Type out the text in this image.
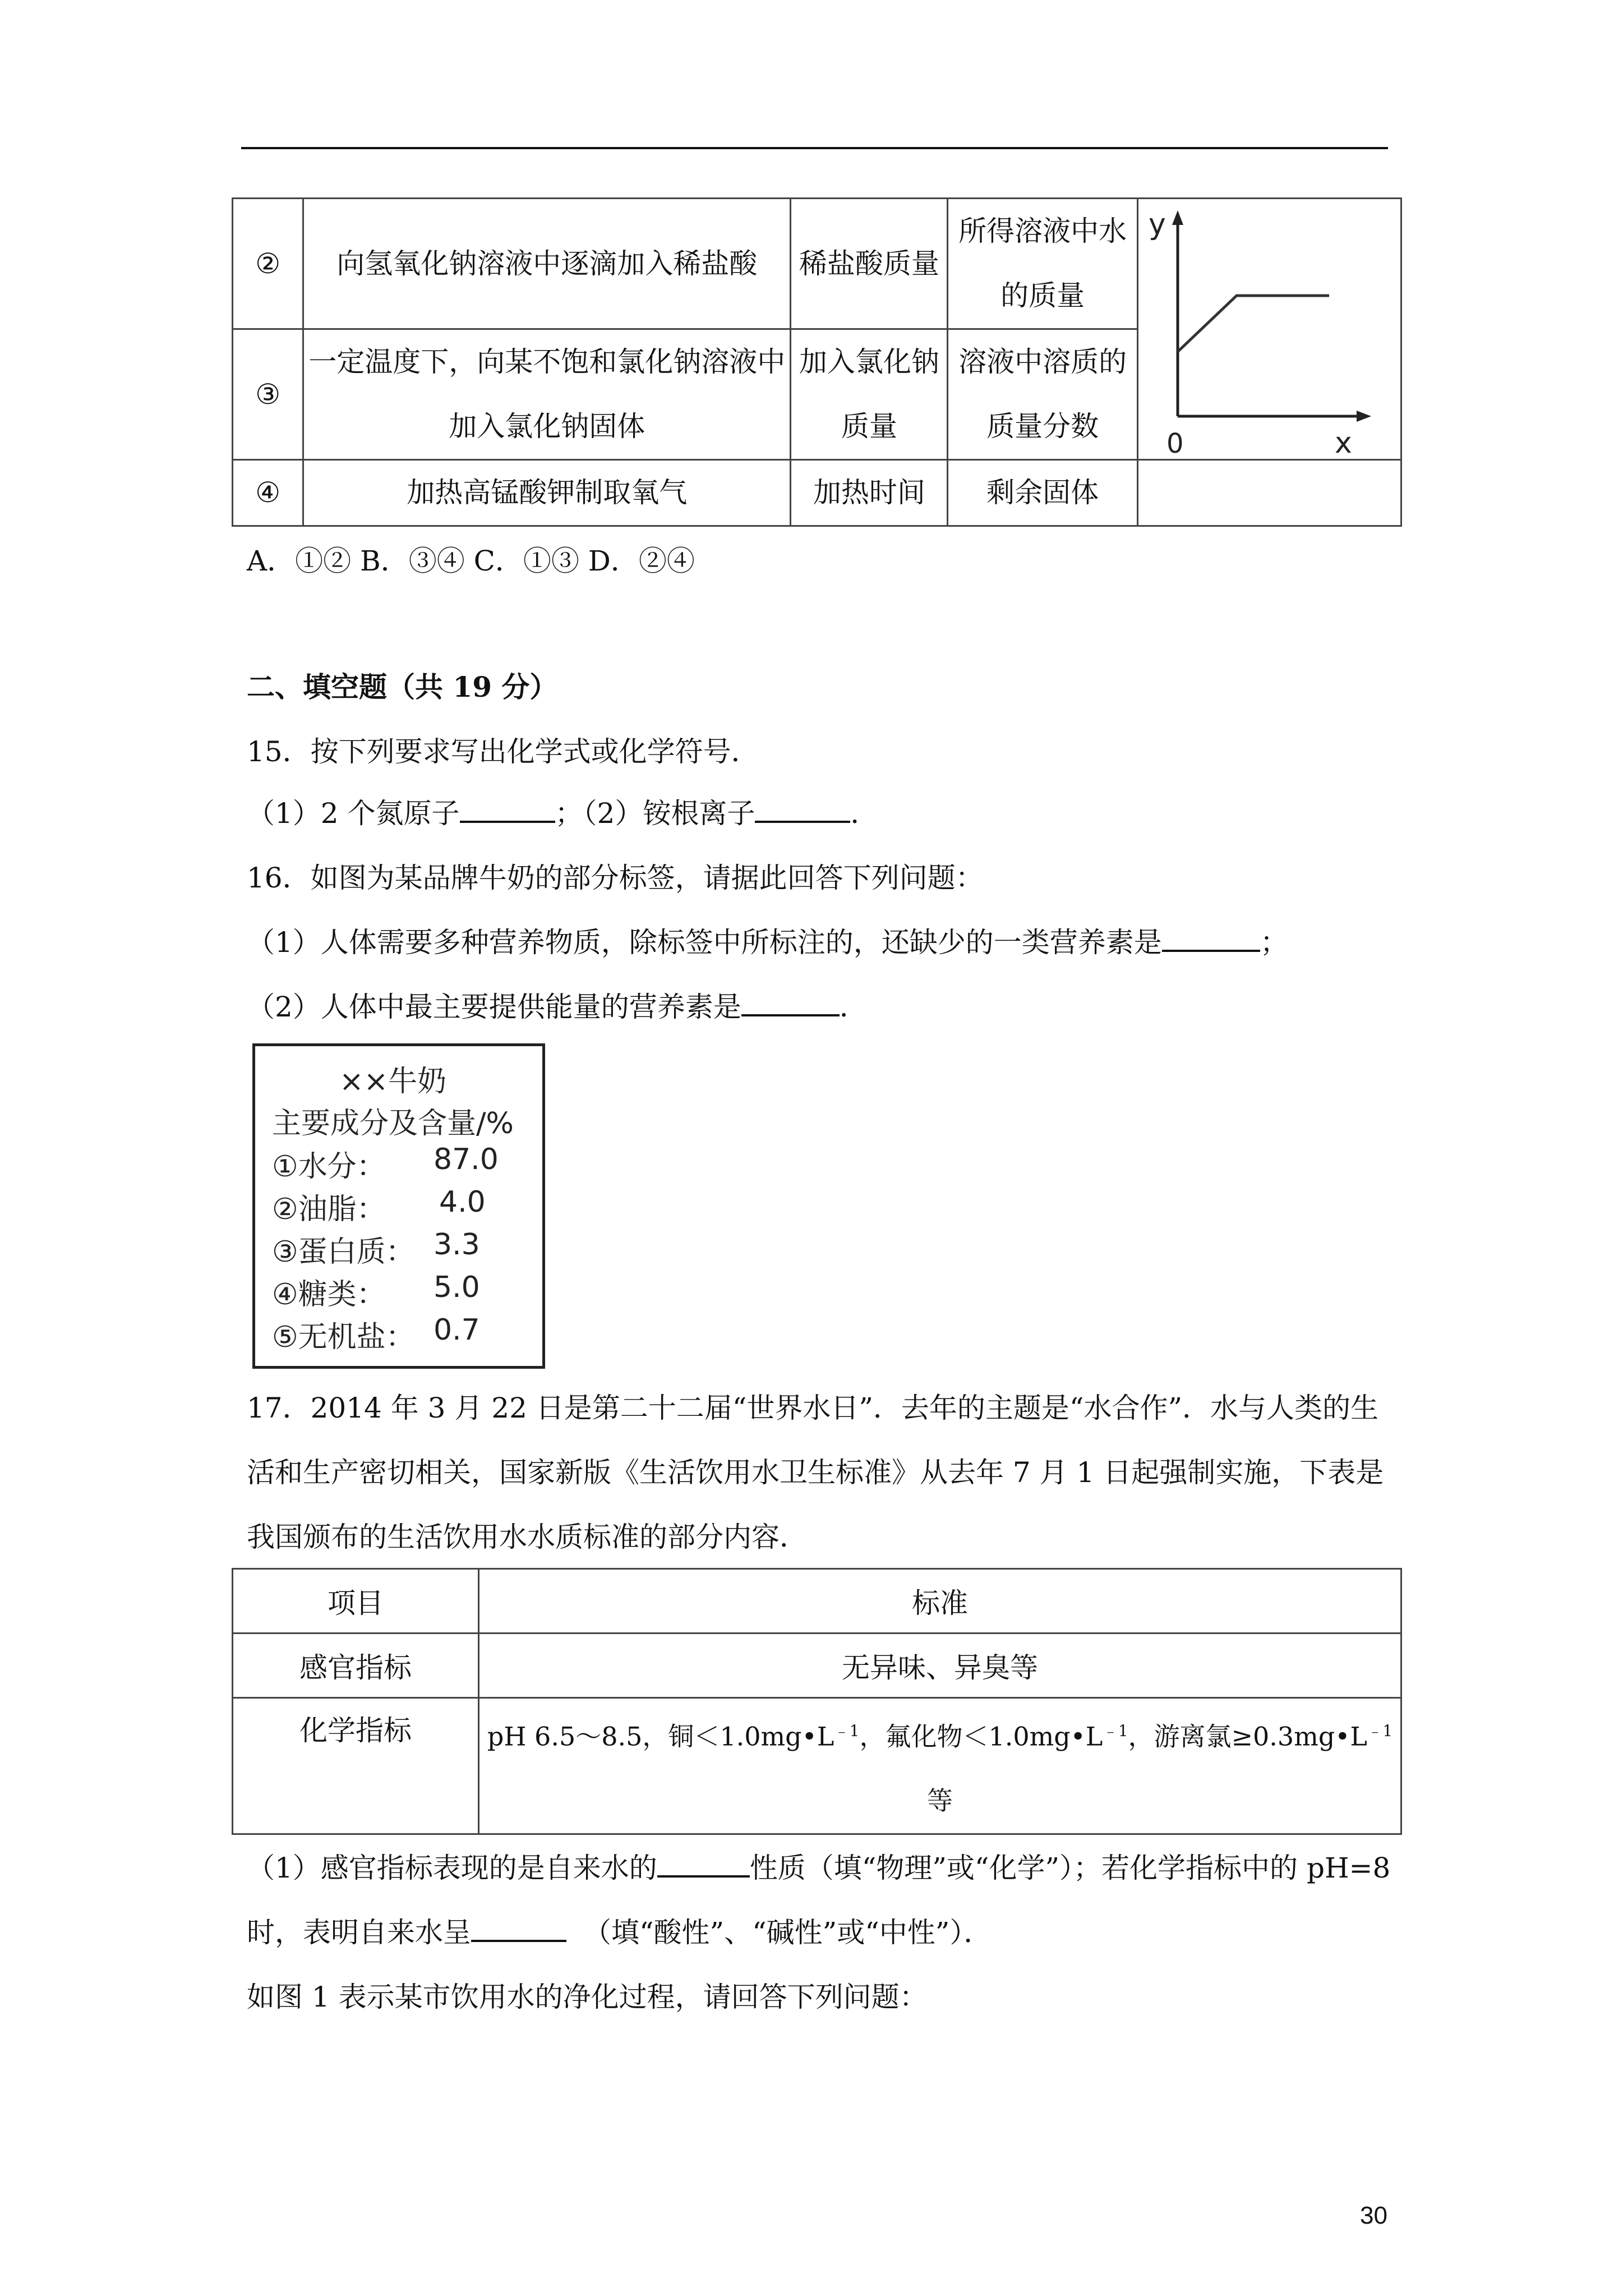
②	向氢氧化钠溶液中逐滴加入稀盐酸	稀盐酸质量	所得溶液中水的质量	y
x
0

③	一定温度下，向某不饱和氯化钠溶液中加入氯化钠固体	加入氯化钠质量	溶液中溶质的质量分数	
④	加热高锰酸钾制取氧气	加热时间	剩余固体	
A．①② B．③④ C．①③ D．②④
二、填空题（共 19 分）
15．按下列要求写出化学式或化学符号．
（1）2 个氮原子	；（2）铵根离子	．
16．如图为某品牌牛奶的部分标签，请据此回答下列问题：
（1）人体需要多种营养物质，除标签中所标注的，还缺少的一类营养素是	；
（2）人体中最主要提供能量的营养素是	．
××牛奶
主要成分及含量/%
①水分： 87.0
②油脂： 4.0
③蛋白质： 3.3
④糖类： 5.0
⑤无机盐： 0.7
17．2014 年 3 月 22 日是第二十二届“世界水日”．去年的主题是“水合作”．水与人类的生
活和生产密切相关，国家新版《生活饮用水卫生标准》从去年 7 月 1 日起强制实施，下表是
我国颁布的生活饮用水水质标准的部分内容．
项目	标准
感官指标	无异味、异臭等
化学指标	pH 6.5～8.5，铜$<1.0mg•L^{﹣1}$，氟化物$<1.0mg•L^{﹣1}$，游离氯$\ge 0.3mg•L^{﹣1}$
等
（1）感官指标表现的是自来水的	性质（填“物理”或“化学”）；若化学指标中的 pH=8
时，表明自来水呈	（填“酸性”、“碱性”或“中性”）．
如图 1 表示某市饮用水的净化过程，请回答下列问题：
30
